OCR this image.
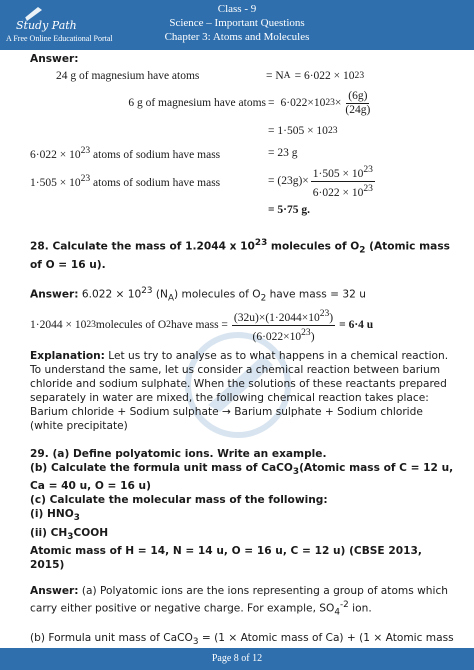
Study Path
A Free Online Educational Portal
Class - 9
Science – Important Questions
Chapter 3: Atoms and Molecules
Answer:
24 g of magnesium have atoms	= N A = 6·022 × 10 23
6 g of magnesium have atoms = 6·022×10 $23 \times \frac{(6g)}{(24g)}$
= 1·505 × 10 23
$6\cdot 022 \times 10^{23}$ atoms of sodium have mass	= 23 g
$1\cdot 505 \times 10^{23}$ atoms of sodium have mass	= $(23g)\times \frac{1\cdot 505 \times 10^{23}}{6\cdot 022 \times 10^{23}}$
= 5·75 g.

28. Calculate the mass of 1.2044 x $10^{23}$ molecules of $O_2$ (Atomic mass of O = 16 u).

Answer: $6.022 \times 10^{23}$ $(N_A)$ molecules of $O_2$ have mass = 32 u

1·2044 × 10 23 molecules of O 2 have mass = $\frac{(32u)\times(1\cdot 2044\times 10^{23})}{(6\cdot 022\times 10^{23})} = 6\cdot 4$ u

Explanation: Let us try to analyse as to what happens in a chemical reaction. To understand the same, let us consider a chemical reaction between barium chloride and sodium sulphate. When the solutions of these reactants prepared separately in water are mixed, the following chemical reaction takes place:

Barium chloride + Sodium sulphate → Barium sulphate + Sodium chloride (white precipitate)

29. (a) Define polyatomic ions. Write an example.

(b) Calculate the formula unit mass of CaCO$_3$(Atomic mass of C = 12 u, Ca = 40 u, O = 16 u)

(c) Calculate the molecular mass of the following:

(i) $HNO_3$

(ii) $CH_3COOH$

Atomic mass of H = 14, N = 14 u, O = 16 u, C = 12 u) (CBSE 2013, 2015)

Answer: (a) Polyatomic ions are the ions representing a group of atoms which carry either positive or negative charge. For example, $SO_4^{-2}$ ion.

(b) Formula unit mass of CaCO$_3$ = (1 × Atomic mass of Ca) + (1 × Atomic mass

Page 8 of 12
